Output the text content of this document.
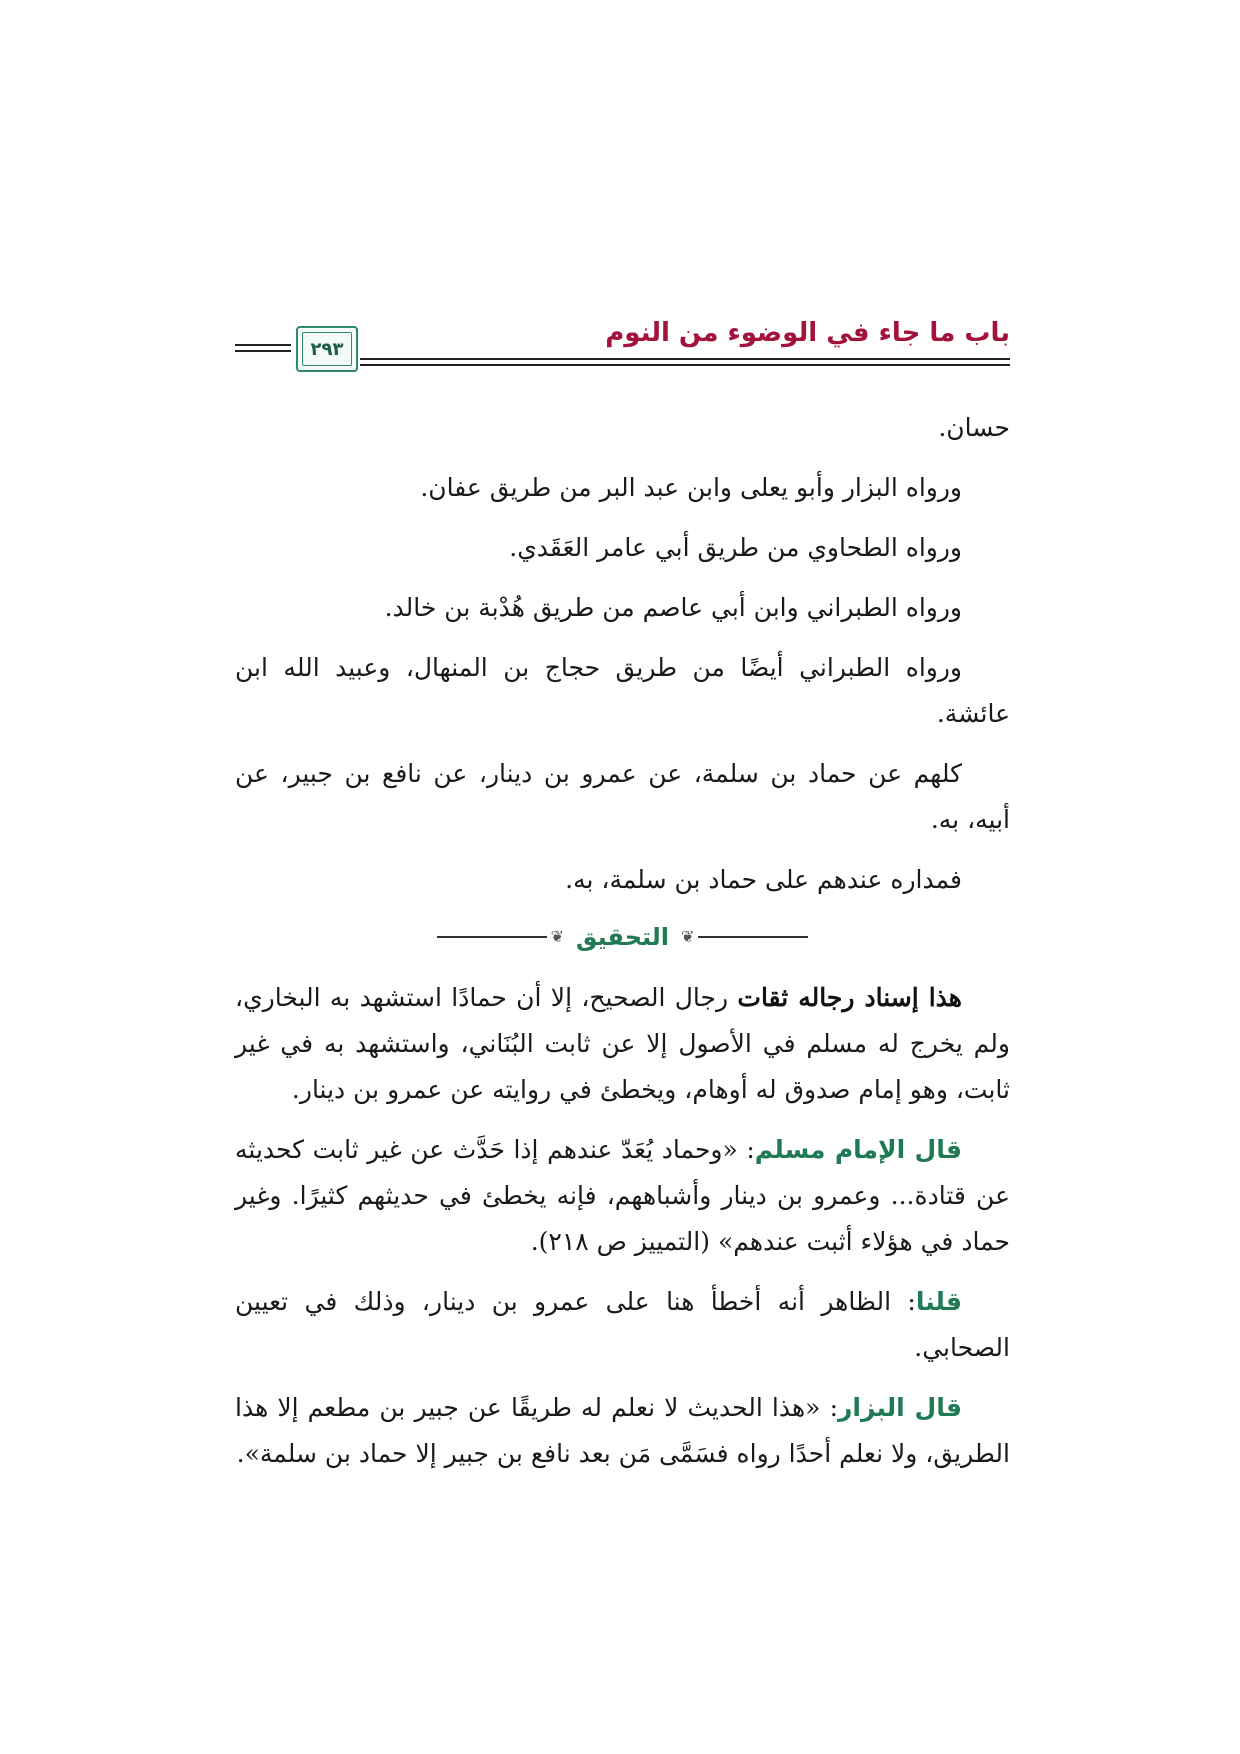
باب ما جاء في الوضوء من النوم
٢٩٣

حسان.

ورواه البزار وأبو يعلى وابن عبد البر من طريق عفان.

ورواه الطحاوي من طريق أبي عامر العَقَدي.

ورواه الطبراني وابن أبي عاصم من طريق هُدْبة بن خالد.

ورواه الطبراني أيضًا من طريق حجاج بن المنهال، وعبيد الله ابن عائشة.

كلهم عن حماد بن سلمة، عن عمرو بن دينار، عن نافع بن جبير، عن أبيه، به.

فمداره عندهم على حماد بن سلمة، به.

❦
التحقيق
❦

هذا إسناد رجاله ثقات رجال الصحيح، إلا أن حمادًا استشهد به البخاري، ولم يخرج له مسلم في الأصول إلا عن ثابت البُنَاني، واستشهد به في غير ثابت، وهو إمام صدوق له أوهام، ويخطئ في روايته عن عمرو بن دينار.

قال الإمام مسلم: «وحماد يُعَدّ عندهم إذا حَدَّث عن غير ثابت كحديثه عن قتادة... وعمرو بن دينار وأشباههم، فإنه يخطئ في حديثهم كثيرًا. وغير حماد في هؤلاء أثبت عندهم» (التمييز ص ٢١٨).

قلنا: الظاهر أنه أخطأ هنا على عمرو بن دينار، وذلك في تعيين الصحابي.

قال البزار: «هذا الحديث لا نعلم له طريقًا عن جبير بن مطعم إلا هذا الطريق، ولا نعلم أحدًا رواه فسَمَّى مَن بعد نافع بن جبير إلا حماد بن سلمة».
